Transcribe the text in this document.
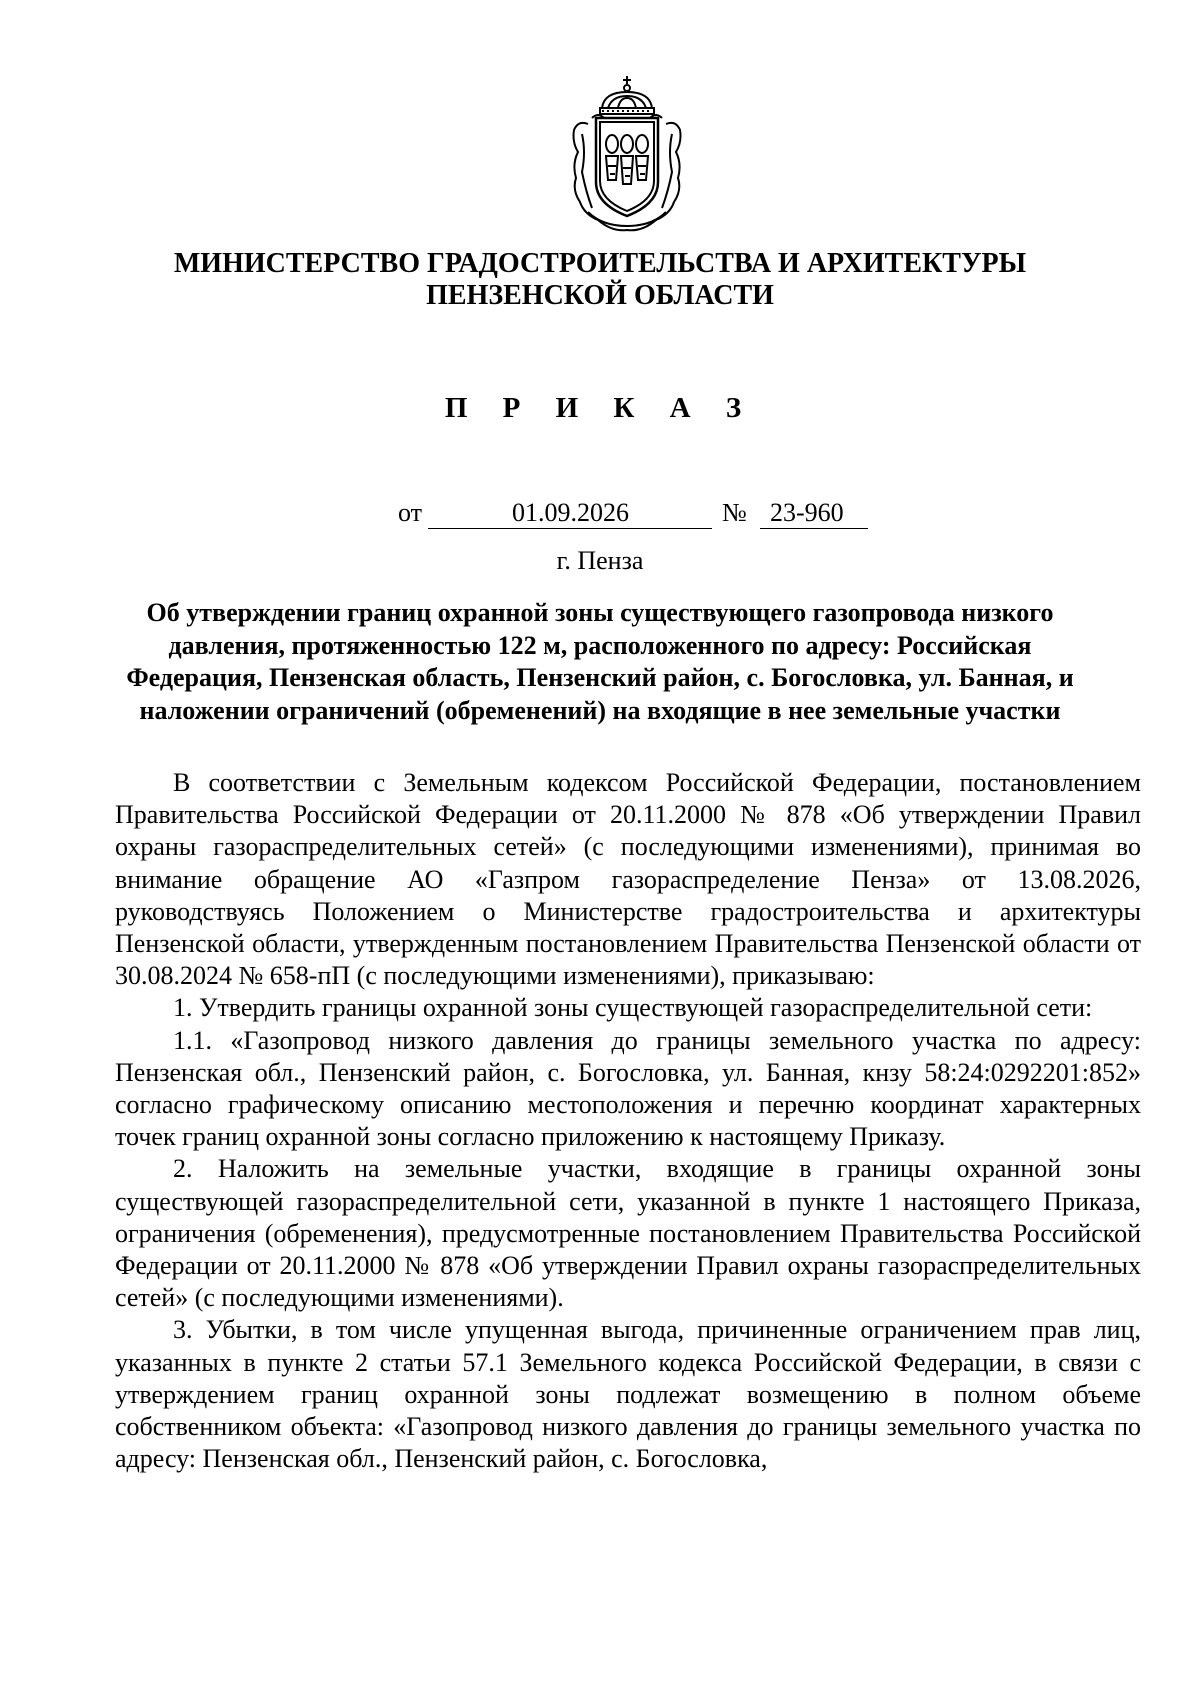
МИНИСТЕРСТВО ГРАДОСТРОИТЕЛЬСТВА И АРХИТЕКТУРЫ
ПЕНЗЕНСКОЙ ОБЛАСТИ
П Р И К А З
от	01.09.2026	№ 23-960
г. Пенза
Об утверждении границ охранной зоны существующего газопровода низкого давления, протяженностью 122 м, расположенного по адресу: Российская Федерация, Пензенская область, Пензенский район, с. Богословка, ул. Банная, и наложении ограничений (обременений) на входящие в нее земельные участки

В соответствии с Земельным кодексом Российской Федерации, постановлением Правительства Российской Федерации от 20.11.2000 № 878 «Об утверждении Правил охраны газораспределительных сетей» (с последующими изменениями), принимая во внимание обращение АО «Газпром газораспределение Пенза» от 13.08.2026, руководствуясь Положением о Министерстве градостроительства и архитектуры Пензенской области, утвержденным постановлением Правительства Пензенской области от 30.08.2024 № 658-пП (с последующими изменениями), приказываю:

1. Утвердить границы охранной зоны существующей газораспределительной сети:

1.1. «Газопровод низкого давления до границы земельного участка по адресу: Пензенская обл., Пензенский район, с. Богословка, ул. Банная, кнзу 58:24:0292201:852» согласно графическому описанию местоположения и перечню координат характерных точек границ охранной зоны согласно приложению к настоящему Приказу.

2. Наложить на земельные участки, входящие в границы охранной зоны существующей газораспределительной сети, указанной в пункте 1 настоящего Приказа, ограничения (обременения), предусмотренные постановлением Правительства Российской Федерации от 20.11.2000 № 878 «Об утверждении Правил охраны газораспределительных сетей» (с последующими изменениями).

3. Убытки, в том числе упущенная выгода, причиненные ограничением прав лиц, указанных в пункте 2 статьи 57.1 Земельного кодекса Российской Федерации, в связи с утверждением границ охранной зоны подлежат возмещению в полном объеме собственником объекта: «Газопровод низкого давления до границы земельного участка по адресу: Пензенская обл., Пензенский район, с. Богословка,
